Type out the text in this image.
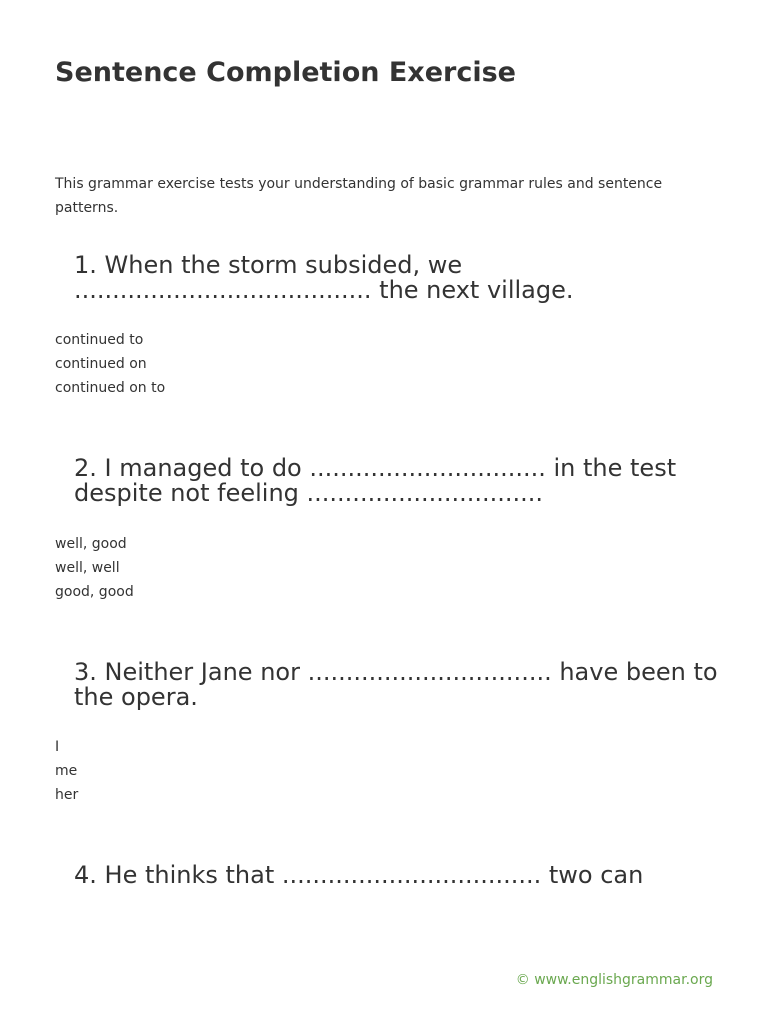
Sentence Completion Exercise

This grammar exercise tests your understanding of basic grammar rules and sentence patterns.

1. When the storm subsided, we ....................................... the next village.
continued to
continued on
continued on to
2. I managed to do ............................... in the test despite not feeling ...............................
well, good
well, well
good, good
3. Neither Jane nor ................................ have been to the opera.
I
me
her
4. He thinks that .................................. two can
© www.englishgrammar.org
